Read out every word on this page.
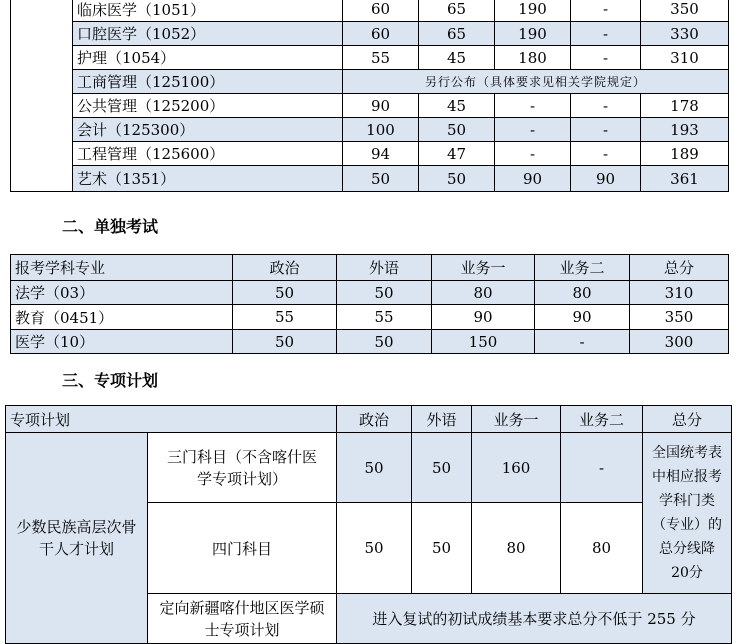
	临床医学（1051）	60	65	190	-	350
	口腔医学（1052）	60	65	190	-	330
	护理（1054）	55	45	180	-	310
	工商管理（125100）	另行公布（具体要求见相关学院规定）				
	公共管理（125200）	90	45	-	-	178
	会计（125300）	100	50	-	-	193
	工程管理（125600）	94	47	-	-	189
	艺术（1351）	50	50	90	90	361
二、单独考试
报考学科专业	政治	外语	业务一	业务二	总分
法学（03）	50	50	80	80	310
教育（0451）	55	55	90	90	350
医学（10）	50	50	150	-	300
三、专项计划
专项计划		政治	外语	业务一	业务二	总分
少数民族高层次骨干人才计划	三门科目（不含喀什医学专项计划）	50	50	160	-	全国统考表中相应报考学科门类（专业）的总分线降20分
	四门科目	50	50	80	80	
	定向新疆喀什地区医学硕士专项计划	进入复试的初试成绩基本要求总分不低于 255 分				
